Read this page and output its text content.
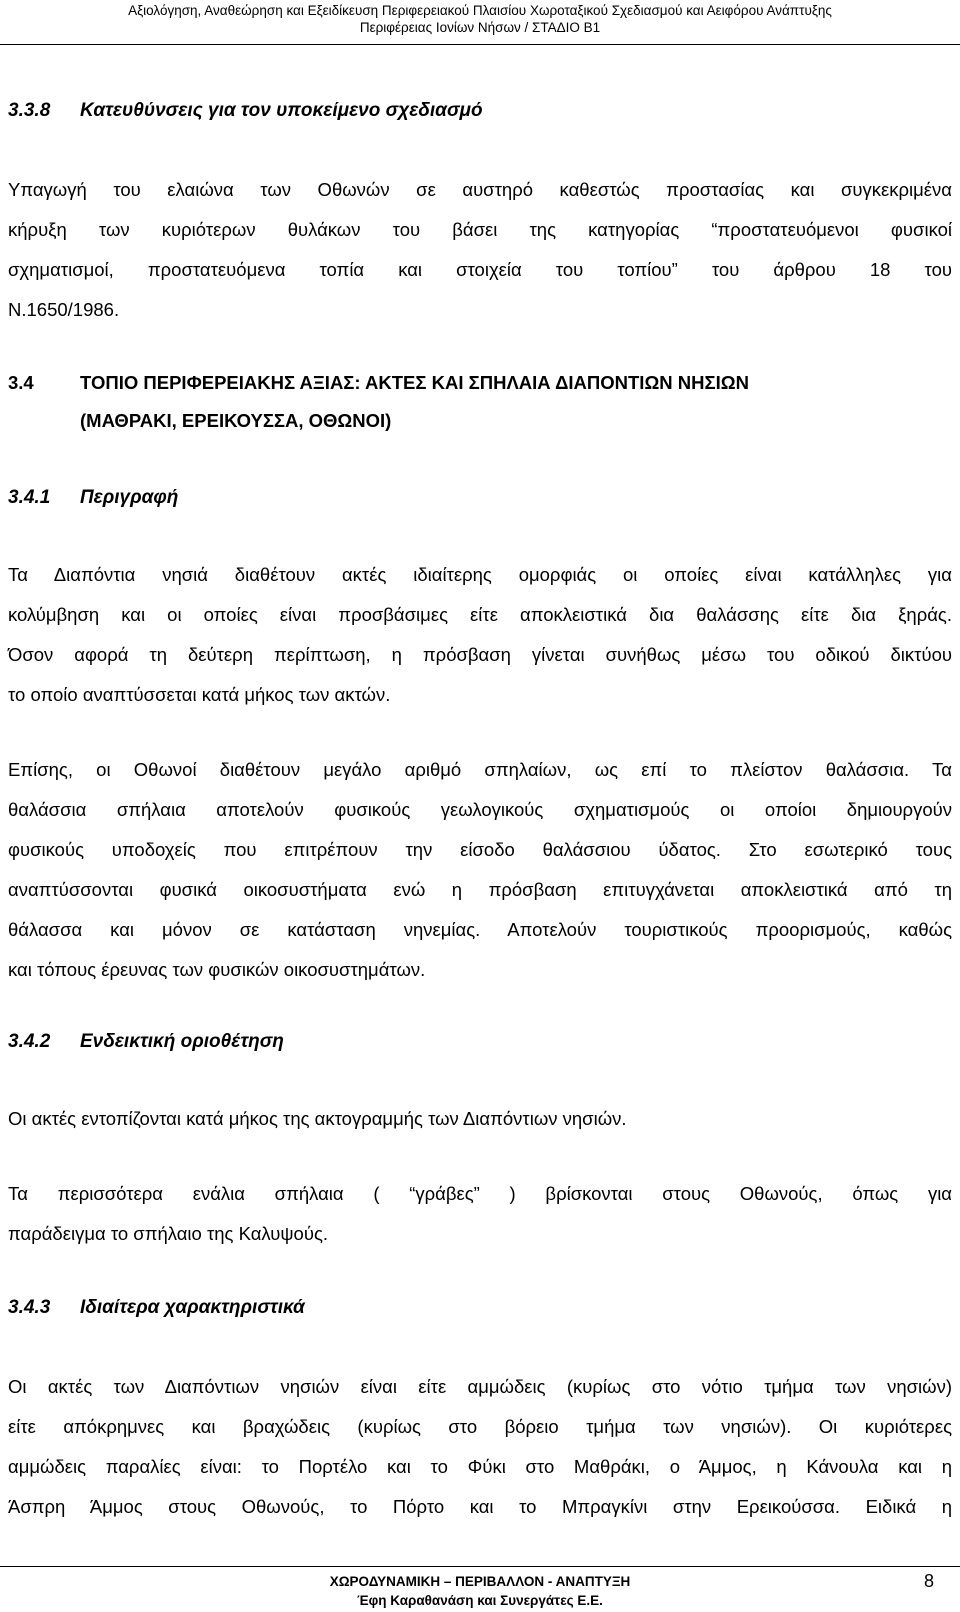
Αξιολόγηση, Αναθεώρηση και Εξειδίκευση Περιφερειακού Πλαισίου Χωροταξικού Σχεδιασμού και Αειφόρου Ανάπτυξης
Περιφέρειας Ιονίων Νήσων / ΣΤΑΔΙΟ Β1
3.3.8 Κατευθύνσεις για τον υποκείμενο σχεδιασμό
Υπαγωγή του ελαιώνα των Οθωνών σε αυστηρό καθεστώς προστασίας και συγκεκριμένα
κήρυξη των κυριότερων θυλάκων του βάσει της κατηγορίας “προστατευόμενοι φυσικοί
σχηματισμοί, προστατευόμενα τοπία και στοιχεία του τοπίου” του άρθρου 18 του
Ν.1650/1986.
3.4	ΤΟΠΙΟ ΠΕΡΙΦΕΡΕΙΑΚΗΣ ΑΞΙΑΣ: ΑΚΤΕΣ ΚΑΙ ΣΠΗΛΑΙΑ ΔΙΑΠΟΝΤΙΩΝ ΝΗΣΙΩΝ
(ΜΑΘΡΑΚΙ, ΕΡΕΙΚΟΥΣΣΑ, ΟΘΩΝΟΙ)
3.4.1 Περιγραφή
Τα Διαπόντια νησιά διαθέτουν ακτές ιδιαίτερης ομορφιάς οι οποίες είναι κατάλληλες για
κολύμβηση και οι οποίες είναι προσβάσιμες είτε αποκλειστικά δια θαλάσσης είτε δια ξηράς.
Όσον αφορά τη δεύτερη περίπτωση, η πρόσβαση γίνεται συνήθως μέσω του οδικού δικτύου
το οποίο αναπτύσσεται κατά μήκος των ακτών.
Επίσης, οι Οθωνοί διαθέτουν μεγάλο αριθμό σπηλαίων, ως επί το πλείστον θαλάσσια. Τα
θαλάσσια σπήλαια αποτελούν φυσικούς γεωλογικούς σχηματισμούς οι οποίοι δημιουργούν
φυσικούς υποδοχείς που επιτρέπουν την είσοδο θαλάσσιου ύδατος. Στο εσωτερικό τους
αναπτύσσονται φυσικά οικοσυστήματα ενώ η πρόσβαση επιτυγχάνεται αποκλειστικά από τη
θάλασσα και μόνον σε κατάσταση νηνεμίας. Αποτελούν τουριστικούς προορισμούς, καθώς
και τόπους έρευνας των φυσικών οικοσυστημάτων.
3.4.2 Ενδεικτική οριοθέτηση
Οι ακτές εντοπίζονται κατά μήκος της ακτογραμμής των Διαπόντιων νησιών.
Τα περισσότερα ενάλια σπήλαια ( “γράβες” ) βρίσκονται στους Οθωνούς, όπως για
παράδειγμα το σπήλαιο της Καλυψούς.
3.4.3 Ιδιαίτερα χαρακτηριστικά
Οι ακτές των Διαπόντιων νησιών είναι είτε αμμώδεις (κυρίως στο νότιο τμήμα των νησιών)
είτε απόκρημνες και βραχώδεις (κυρίως στο βόρειο τμήμα των νησιών). Οι κυριότερες
αμμώδεις παραλίες είναι: το Πορτέλο και το Φύκι στο Μαθράκι, ο Άμμος, η Κάνουλα και η
Άσπρη Άμμος στους Οθωνούς, το Πόρτο και το Μπραγκίνι στην Ερεικούσσα. Ειδικά η
ΧΩΡΟΔΥΝΑΜΙΚΗ – ΠΕΡΙΒΑΛΛΟΝ - ΑΝΑΠΤΥΞΗ
Έφη Καραθανάση και Συνεργάτες Ε.Ε.
8
